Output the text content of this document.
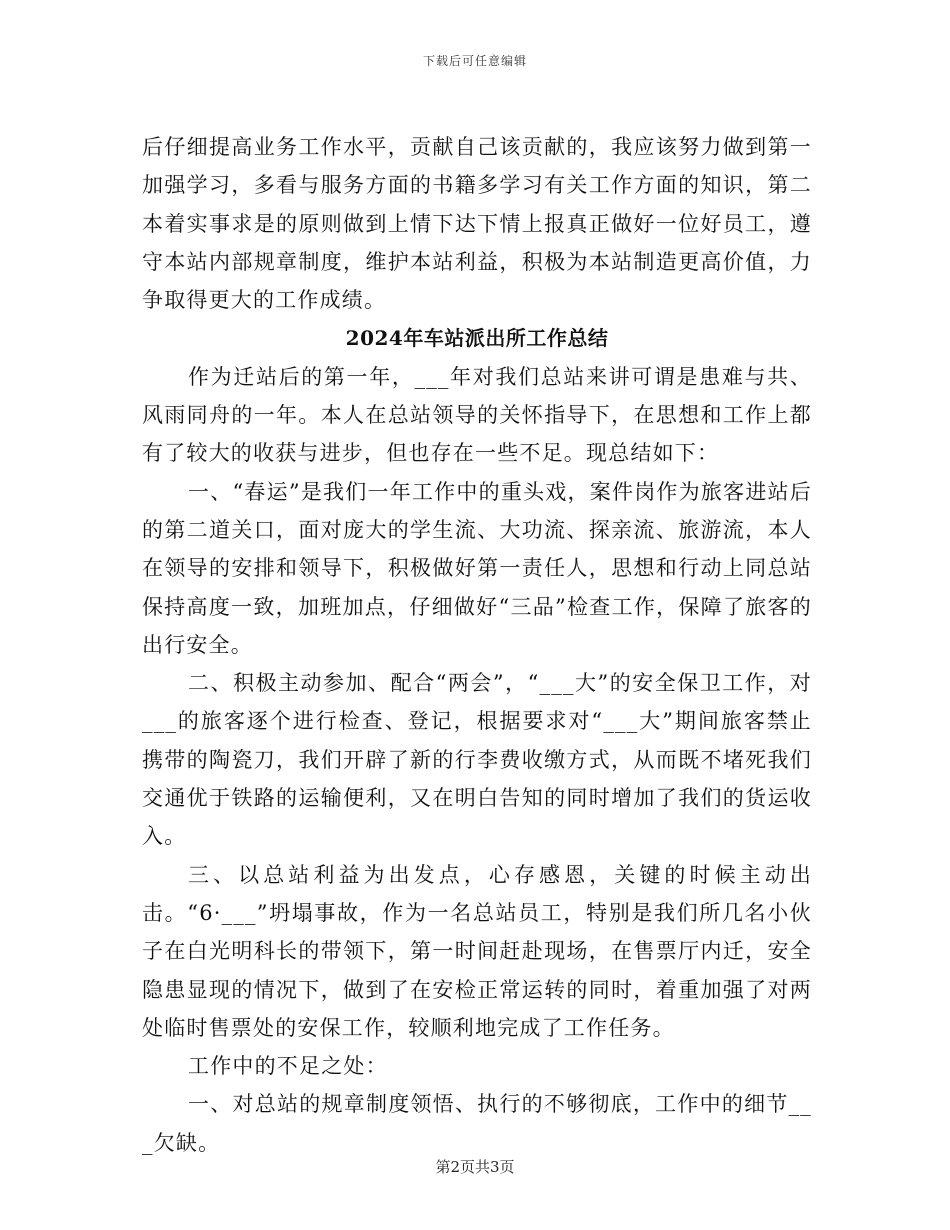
下载后可任意编辑

后仔细提高业务工作水平，贡献自己该贡献的，我应该努力做到第一加强学习，多看与服务方面的书籍多学习有关工作方面的知识，第二本着实事求是的原则做到上情下达下情上报真正做好一位好员工，遵守本站内部规章制度，维护本站利益，积极为本站制造更高价值，力争取得更大的工作成绩。

2024年车站派出所工作总结

作为迁站后的第一年，___年对我们总站来讲可谓是患难与共、风雨同舟的一年。本人在总站领导的关怀指导下，在思想和工作上都有了较大的收获与进步，但也存在一些不足。现总结如下：

一、“春运”是我们一年工作中的重头戏，案件岗作为旅客进站后的第二道关口，面对庞大的学生流、大功流、探亲流、旅游流，本人在领导的安排和领导下，积极做好第一责任人，思想和行动上同总站保持高度一致，加班加点，仔细做好“三品”检查工作，保障了旅客的出行安全。

二、积极主动参加、配合“两会”，“___大”的安全保卫工作，对___的旅客逐个进行检查、登记，根据要求对“___大”期间旅客禁止携带的陶瓷刀，我们开辟了新的行李费收缴方式，从而既不堵死我们交通优于铁路的运输便利，又在明白告知的同时增加了我们的货运收入。

三、以总站利益为出发点，心存感恩，关键的时候主动出击。“6·___”坍塌事故，作为一名总站员工，特别是我们所几名小伙子在白光明科长的带领下，第一时间赶赴现场，在售票厅内迁，安全隐患显现的情况下，做到了在安检正常运转的同时，着重加强了对两处临时售票处的安保工作，较顺利地完成了工作任务。

工作中的不足之处：

一、对总站的规章制度领悟、执行的不够彻底，工作中的细节___欠缺。

第2页共3页
